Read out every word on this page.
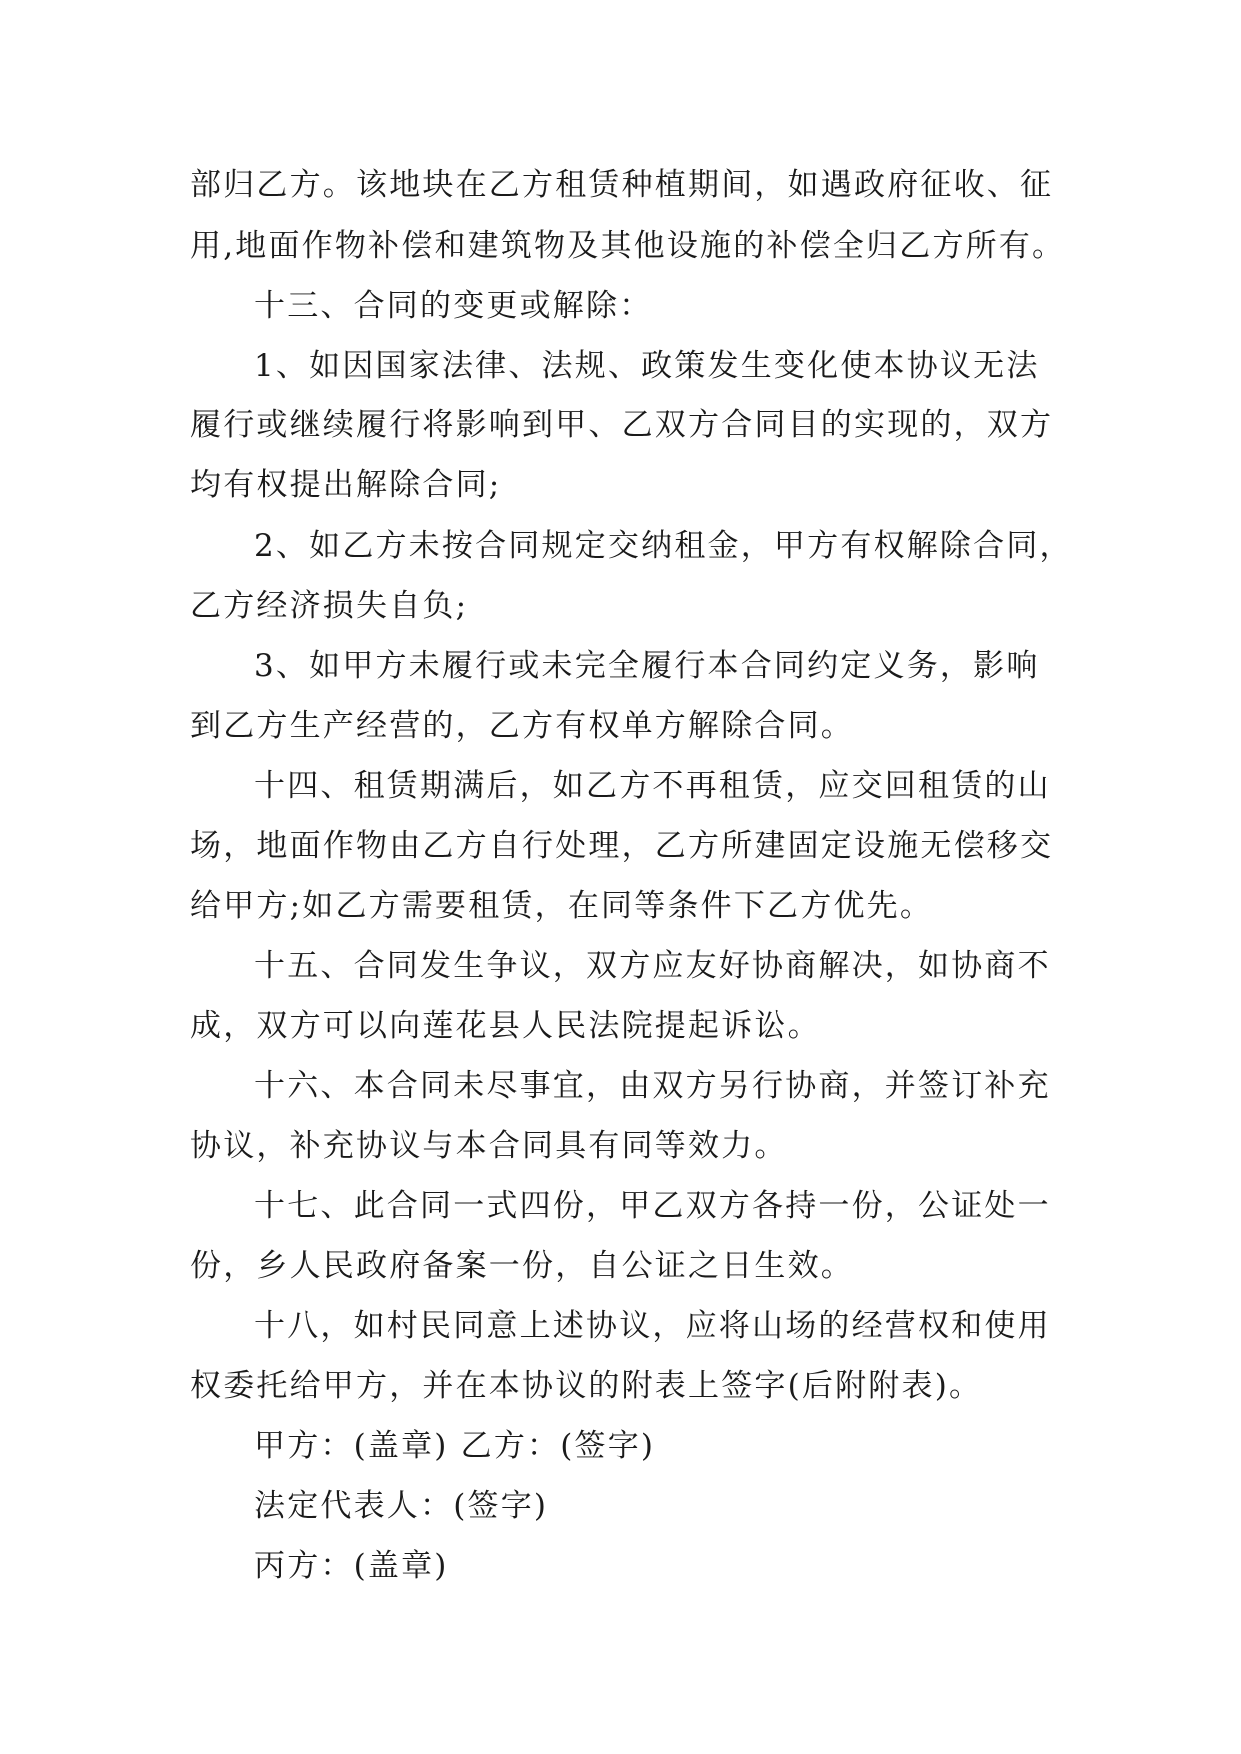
部归乙方。该地块在乙方租赁种植期间，如遇政府征收、征
用,地面作物补偿和建筑物及其他设施的补偿全归乙方所有。
十三、合同的变更或解除：
1、如因国家法律、法规、政策发生变化使本协议无法
履行或继续履行将影响到甲、乙双方合同目的实现的，双方
均有权提出解除合同;
2、如乙方未按合同规定交纳租金，甲方有权解除合同，
乙方经济损失自负;
3、如甲方未履行或未完全履行本合同约定义务，影响
到乙方生产经营的，乙方有权单方解除合同。
十四、租赁期满后，如乙方不再租赁，应交回租赁的山
场，地面作物由乙方自行处理，乙方所建固定设施无偿移交
给甲方;如乙方需要租赁，在同等条件下乙方优先。
十五、合同发生争议，双方应友好协商解决，如协商不
成，双方可以向莲花县人民法院提起诉讼。
十六、本合同未尽事宜，由双方另行协商，并签订补充
协议，补充协议与本合同具有同等效力。
十七、此合同一式四份，甲乙双方各持一份，公证处一
份，乡人民政府备案一份，自公证之日生效。
十八，如村民同意上述协议，应将山场的经营权和使用
权委托给甲方，并在本协议的附表上签字(后附附表)。
甲方：(盖章) 乙方：(签字)
法定代表人：(签字)
丙方：(盖章)
